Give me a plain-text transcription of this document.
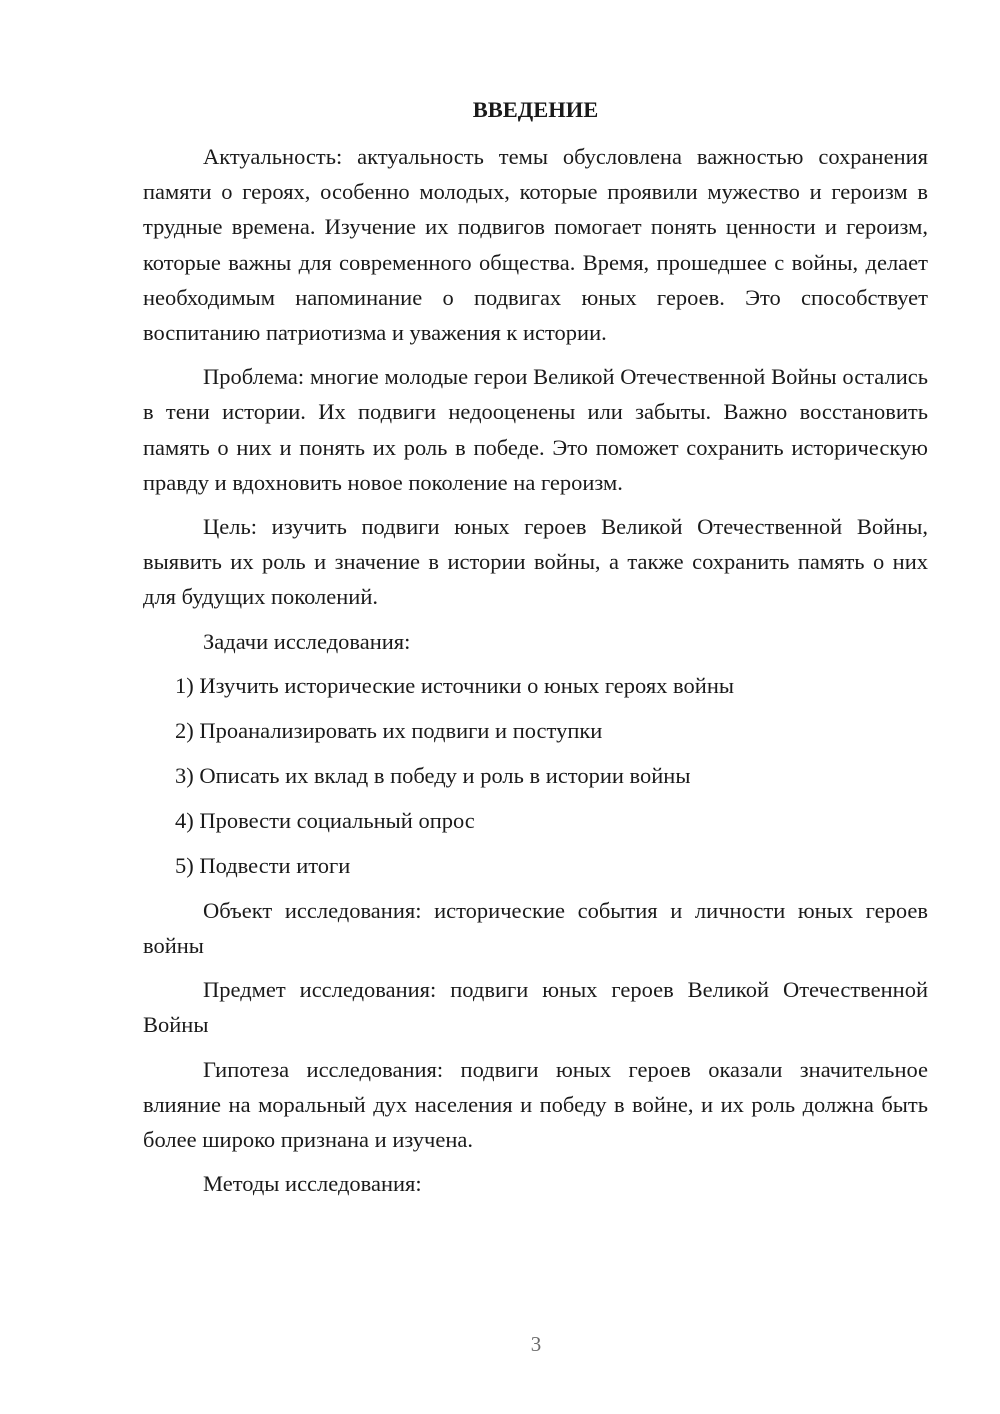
ВВЕДЕНИЕ

Актуальность: актуальность темы обусловлена важностью сохранения памяти о героях, особенно молодых, которые проявили мужество и героизм в трудные времена. Изучение их подвигов помогает понять ценности и героизм, которые важны для современного общества. Время, прошедшее с войны, делает необходимым напоминание о подвигах юных героев. Это способствует воспитанию патриотизма и уважения к истории.

Проблема: многие молодые герои Великой Отечественной Войны остались в тени истории. Их подвиги недооценены или забыты. Важно восстановить память о них и понять их роль в победе. Это поможет сохранить историческую правду и вдохновить новое поколение на героизм.

Цель: изучить подвиги юных героев Великой Отечественной Войны, выявить их роль и значение в истории войны, а также сохранить память о них для будущих поколений.

Задачи исследования:

1) Изучить исторические источники о юных героях войны
2) Проанализировать их подвиги и поступки
3) Описать их вклад в победу и роль в истории войны
4) Провести социальный опрос
5) Подвести итоги

Объект исследования: исторические события и личности юных героев войны

Предмет исследования: подвиги юных героев Великой Отечественной Войны

Гипотеза исследования: подвиги юных героев оказали значительное влияние на моральный дух населения и победу в войне, и их роль должна быть более широко признана и изучена.

Методы исследования:

3
